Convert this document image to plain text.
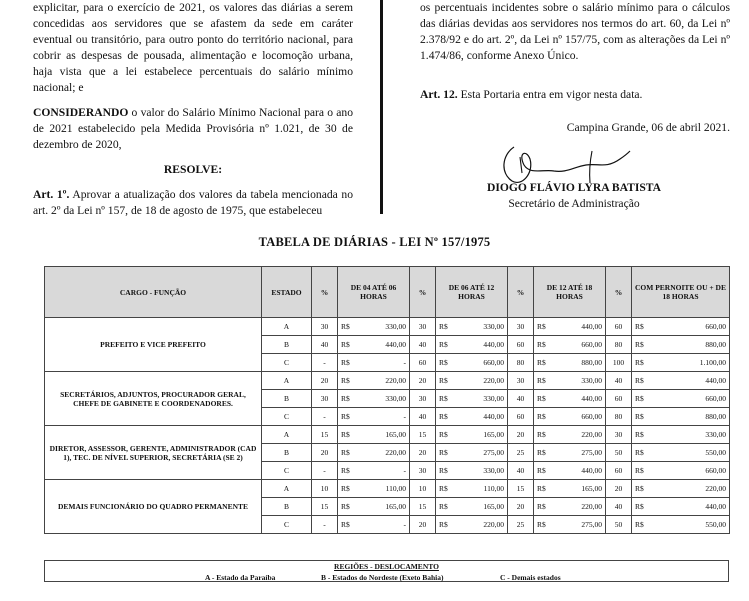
explicitar, para o exercício de 2021, os valores das diárias a serem concedidas aos servidores que se afastem da sede em caráter eventual ou transitório, para outro ponto do território nacional, para cobrir as despesas de pousada, alimentação e locomoção urbana, haja vista que a lei estabelece percentuais do salário mínimo nacional; e

CONSIDERANDO o valor do Salário Mínimo Nacional para o ano de 2021 estabelecido pela Medida Provisória nº 1.021, de 30 de dezembro de 2020,

RESOLVE:

Art. 1º. Aprovar a atualização dos valores da tabela mencionada no art. 2º da Lei nº 157, de 18 de agosto de 1975, que estabeleceu

os percentuais incidentes sobre o salário mínimo para o cálculos das diárias devidas aos servidores nos termos do art. 60, da Lei nº 2.378/92 e do art. 2º, da Lei nº 157/75, com as alterações da Lei nº 1.474/86, conforme Anexo Único.

Art. 12. Esta Portaria entra em vigor nesta data.

Campina Grande, 06 de abril 2021.
DIOGO FLÁVIO LYRA BATISTA
Secretário de Administração
TABELA DE DIÁRIAS - LEI Nº 157/1975
CARGO - FUNÇÃO	ESTADO	%	DE 04 ATÉ 06 HORAS	%	DE 06 ATÉ 12 HORAS	%	DE 12 ATÉ 18 HORAS	%	COM PERNOITE OU + DE 18 HORAS
PREFEITO E VICE PREFEITO	A	30	R$ 330,00	30	R$ 330,00	30	R$ 440,00	60	R$ 660,00

	B	40	R$ 440,00	40	R$ 440,00	60	R$ 660,00	80	R$ 880,00

	C	-	R$ -	60	R$ 660,00	80	R$ 880,00	100	R$ 1.100,00

SECRETÁRIOS, ADJUNTOS, PROCURADOR GERAL, CHEFE DE GABINETE E COORDENADORES.	A	20	R$ 220,00	20	R$ 220,00	30	R$ 330,00	40	R$ 440,00

	B	30	R$ 330,00	30	R$ 330,00	40	R$ 440,00	60	R$ 660,00

	C	-	R$ -	40	R$ 440,00	60	R$ 660,00	80	R$ 880,00

DIRETOR, ASSESSOR, GERENTE, ADMINISTRADOR (CAD 1), TEC. DE NÍVEL SUPERIOR, SECRETÁRIA (SE 2)	A	15	R$ 165,00	15	R$ 165,00	20	R$ 220,00	30	R$ 330,00

	B	20	R$ 220,00	20	R$ 275,00	25	R$ 275,00	50	R$ 550,00

	C	-	R$ -	30	R$ 330,00	40	R$ 440,00	60	R$ 660,00

DEMAIS FUNCIONÁRIO DO QUADRO PERMANENTE	A	10	R$ 110,00	10	R$ 110,00	15	R$ 165,00	20	R$ 220,00

	B	15	R$ 165,00	15	R$ 165,00	20	R$ 220,00	40	R$ 440,00

	C	-	R$ -	20	R$ 220,00	25	R$ 275,00	50	R$ 550,00
REGIÕES - DESLOCAMENTO
A - Estado da Paraíba	B - Estados do Nordeste (Exeto Bahia)	C - Demais estados
